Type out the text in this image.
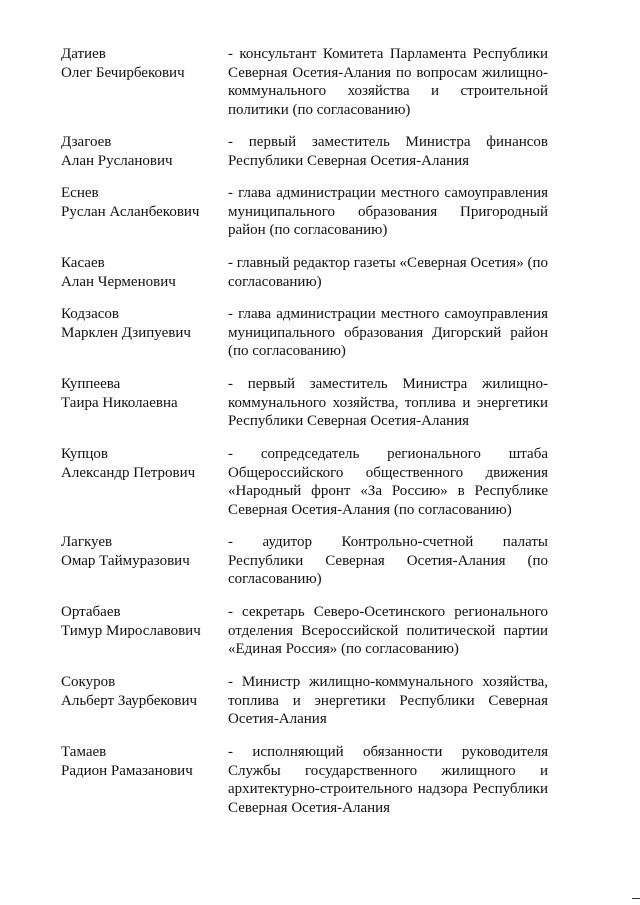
Датиев
Олег Бечирбекович
- консультант Комитета Парламента Республики
Северная Осетия-Алания по вопросам жилищно-
коммунального хозяйства и строительной
политики (по согласованию)
Дзагоев
Алан Русланович
- первый заместитель Министра финансов
Республики Северная Осетия-Алания
Еснев
Руслан Асланбекович
- глава администрации местного самоуправления
муниципального образования Пригородный
район (по согласованию)
Касаев
Алан Черменович
- главный редактор газеты «Северная Осетия» (по
согласованию)
Кодзасов
Марклен Дзипуевич
- глава администрации местного самоуправления
муниципального образования Дигорский район
(по согласованию)
Куппеева
Таира Николаевна
- первый заместитель Министра жилищно-
коммунального хозяйства, топлива и энергетики
Республики Северная Осетия-Алания
Купцов
Александр Петрович
- сопредседатель регионального штаба
Общероссийского общественного движения
«Народный фронт «За Россию» в Республике
Северная Осетия-Алания (по согласованию)
Лагкуев
Омар Таймуразович
- аудитор Контрольно-счетной палаты
Республики Северная Осетия-Алания (по
согласованию)
Ортабаев
Тимур Мирославович
- секретарь Северо-Осетинского регионального
отделения Всероссийской политической партии
«Единая Россия» (по согласованию)
Сокуров
Альберт Заурбекович
- Министр жилищно-коммунального хозяйства,
топлива и энергетики Республики Северная
Осетия-Алания
Тамаев
Радион Рамазанович
- исполняющий обязанности руководителя
Службы государственного жилищного и
архитектурно-строительного надзора Республики
Северная Осетия-Алания
